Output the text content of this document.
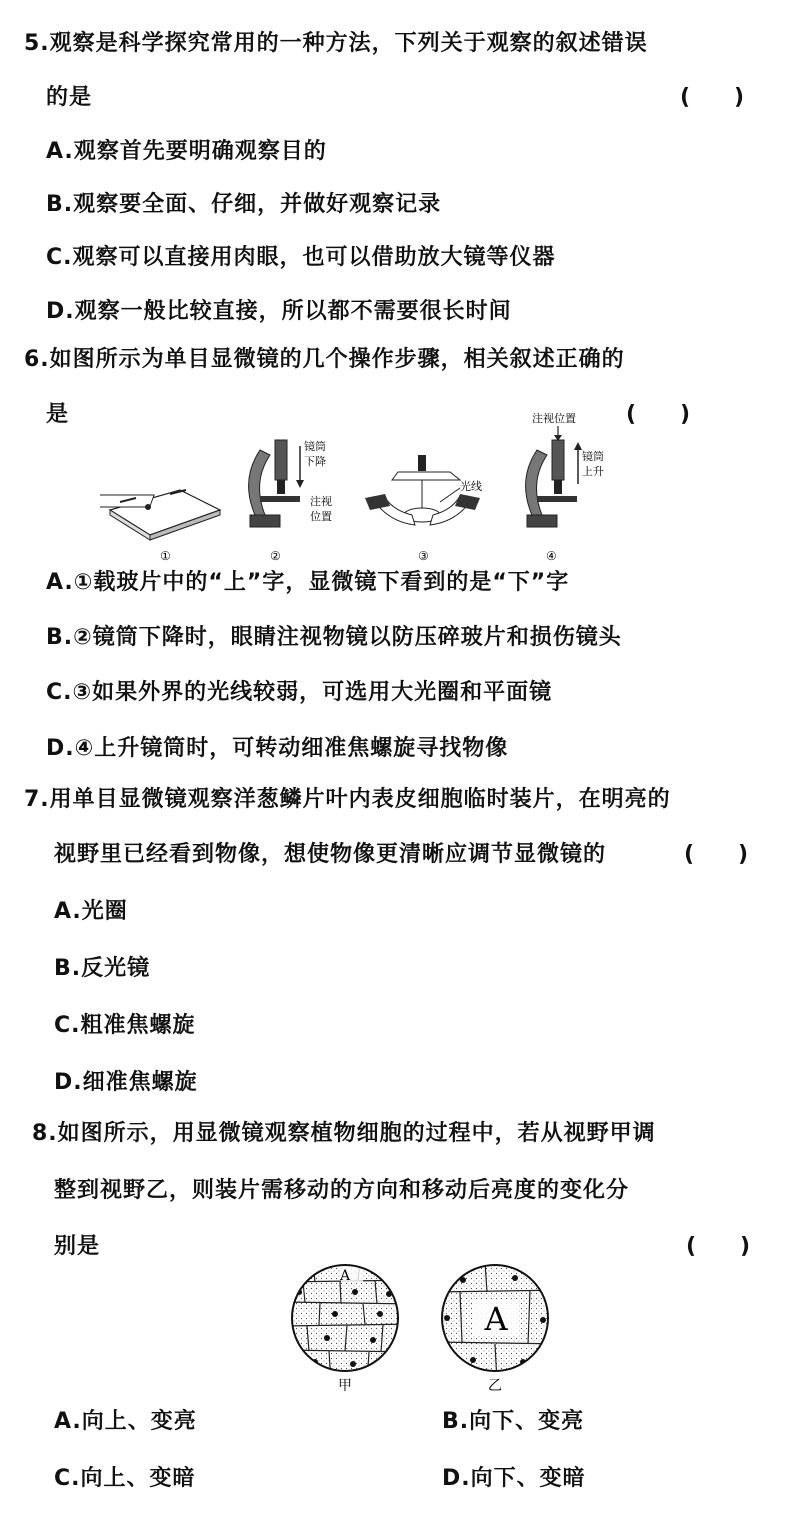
5.观察是科学探究常用的一种方法，下列关于观察的叙述错误
的是	(　　)
A.观察首先要明确观察目的
B.观察要全面、仔细，并做好观察记录
C.观察可以直接用肉眼，也可以借助放大镜等仪器
D.观察一般比较直接，所以都不需要很长时间
6.如图所示为单目显微镜的几个操作步骤，相关叙述正确的
是	(　　)
①
镜筒
下降
注视
位置
②
光线
③
注视位置
镜筒
上升
④
A.①载玻片中的“上”字，显微镜下看到的是“下”字
B.②镜筒下降时，眼睛注视物镜以防压碎玻片和损伤镜头
C.③如果外界的光线较弱，可选用大光圈和平面镜
D.④上升镜筒时，可转动细准焦螺旋寻找物像
7.用单目显微镜观察洋葱鳞片叶内表皮细胞临时装片，在明亮的
视野里已经看到物像，想使物像更清晰应调节显微镜的	(　　)
A.光圈
B.反光镜
C.粗准焦螺旋
D.细准焦螺旋
8.如图所示，用显微镜观察植物细胞的过程中，若从视野甲调
整到视野乙，则装片需移动的方向和移动后亮度的变化分
别是	(　　)
A
甲
A
乙
A.向上、变亮	B.向下、变亮
C.向上、变暗	D.向下、变暗
